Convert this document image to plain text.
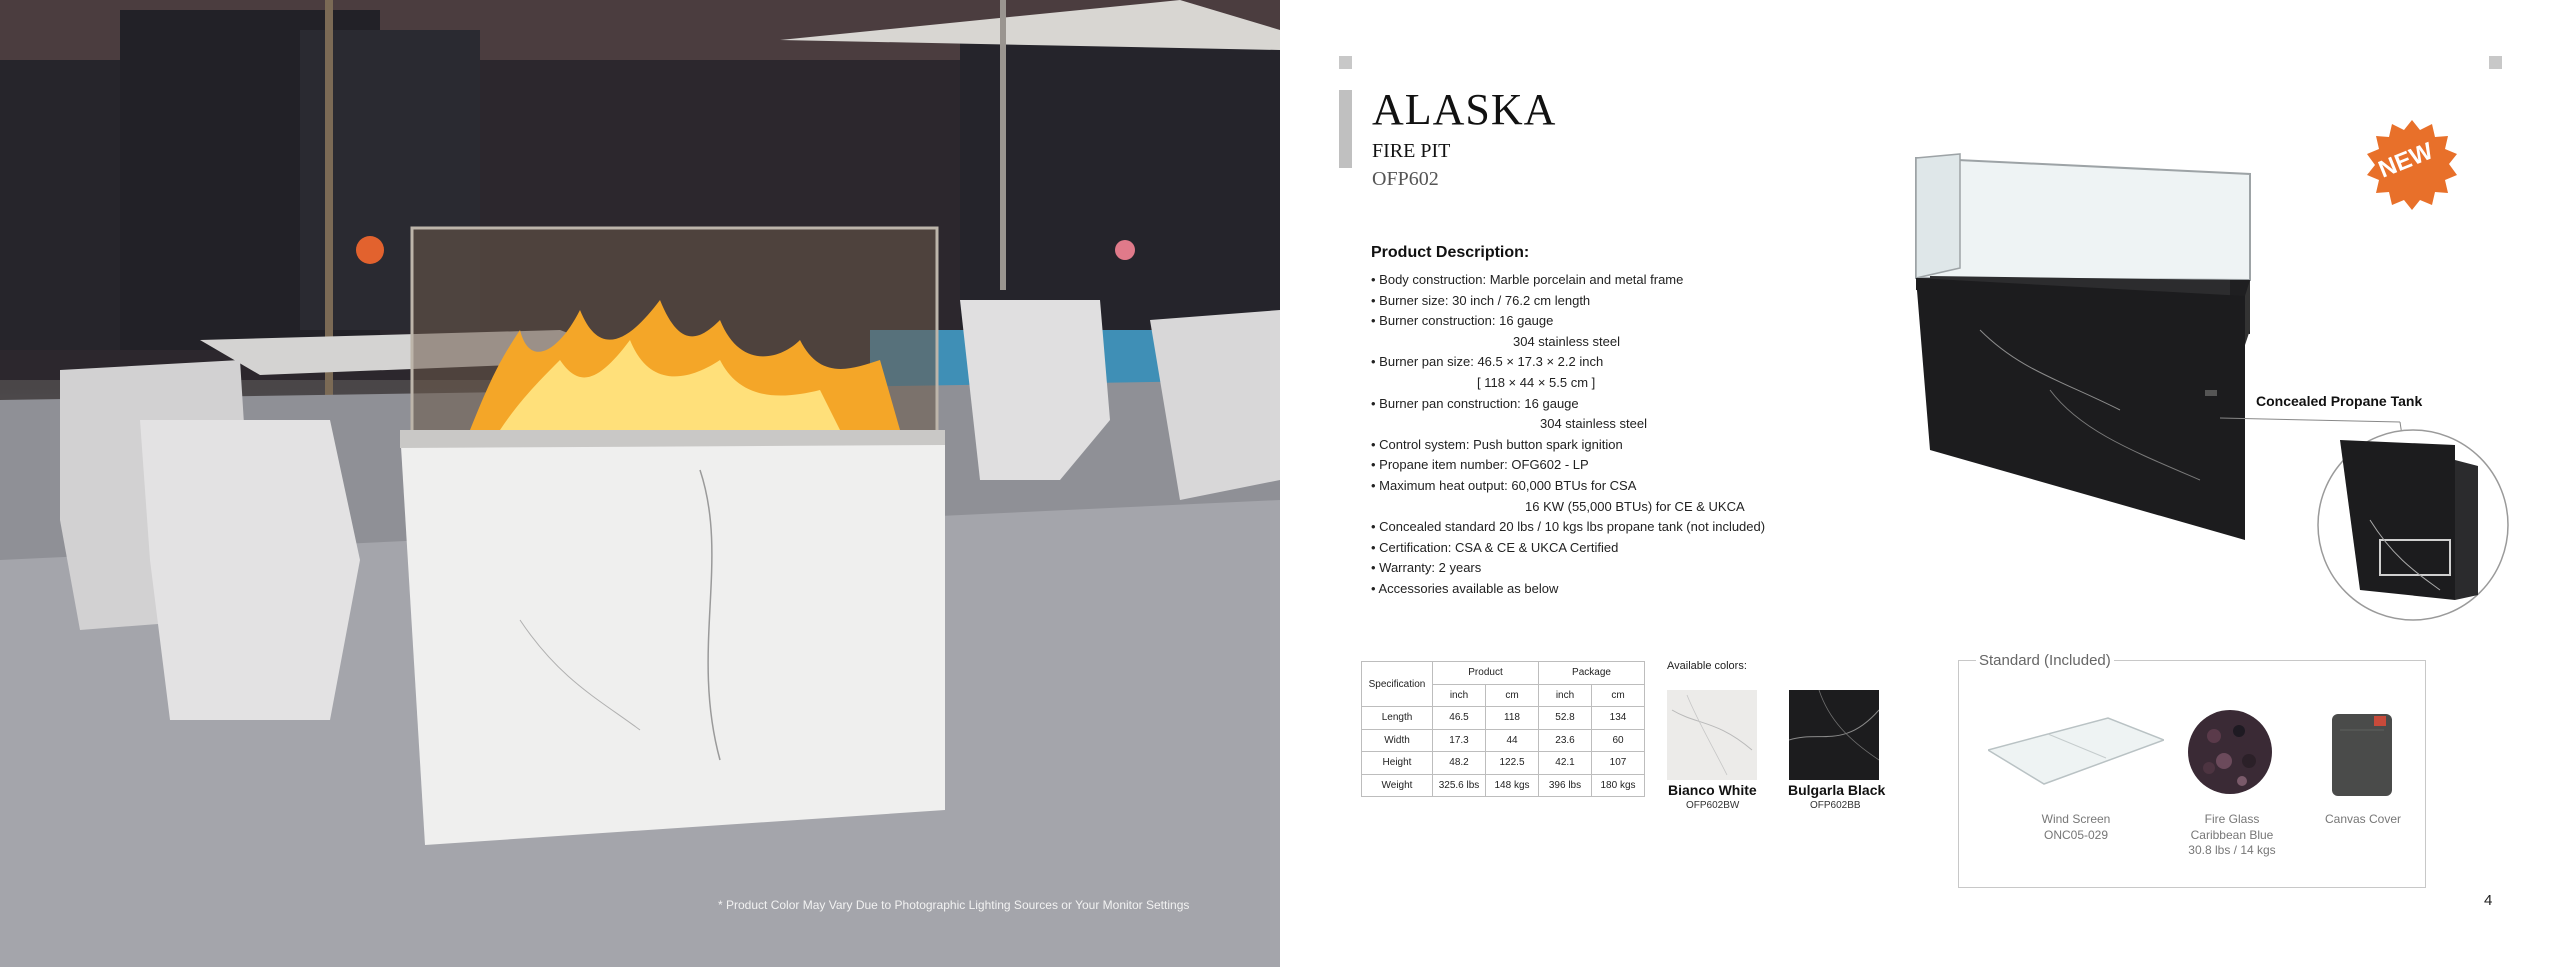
* Product Color May Vary Due to Photographic Lighting Sources or Your Monitor Settings
ALASKA
FIRE PIT
OFP602
Product Description:
• Body construction: Marble porcelain and metal frame
• Burner size: 30 inch / 76.2 cm length
• Burner construction: 16 gauge
304 stainless steel
• Burner pan size: 46.5 × 17.3 × 2.2 inch
[ 118 × 44 × 5.5 cm ]
• Burner pan construction: 16 gauge
304 stainless steel
• Control system: Push button spark ignition
• Propane item number: OFG602 - LP
• Maximum heat output: 60,000 BTUs for CSA
16 KW (55,000 BTUs) for CE & UKCA
• Concealed standard 20 lbs / 10 kgs lbs propane tank (not included)
• Certification: CSA & CE & UKCA Certified
• Warranty: 2 years
• Accessories available as below
NEW
Concealed Propane Tank
Specification	Product		Package	
	inch	cm	inch	cm
Length	46.5	118	52.8	134
Width	17.3	44	23.6	60
Height	48.2	122.5	42.1	107
Weight	325.6 lbs	148 kgs	396 lbs	180 kgs
Available colors:
Bianco White
OFP602BW
Bulgarla Black
OFP602BB
Standard (Included)
Wind Screen
ONC05-029
Fire Glass
Caribbean Blue
30.8 lbs / 14 kgs
Canvas Cover
4
